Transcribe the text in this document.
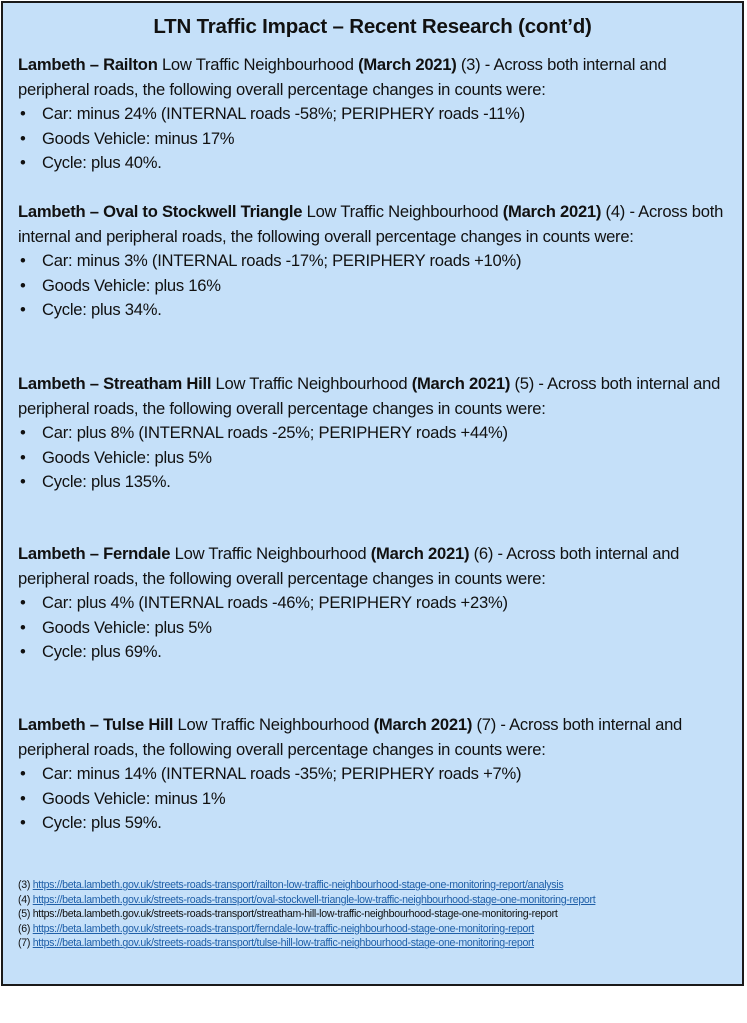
LTN Traffic Impact – Recent Research (cont’d)
Lambeth – Railton Low Traffic Neighbourhood (March 2021) (3) - Across both internal and peripheral roads, the following overall percentage changes in counts were:
• Car: minus 24% (INTERNAL roads -58%; PERIPHERY roads -11%)
• Goods Vehicle: minus 17%
• Cycle: plus 40%.
Lambeth – Oval to Stockwell Triangle Low Traffic Neighbourhood (March 2021) (4) - Across both internal and peripheral roads, the following overall percentage changes in counts were:
• Car: minus 3% (INTERNAL roads -17%; PERIPHERY roads +10%)
• Goods Vehicle: plus 16%
• Cycle: plus 34%.
Lambeth – Streatham Hill Low Traffic Neighbourhood (March 2021) (5) - Across both internal and peripheral roads, the following overall percentage changes in counts were:
• Car: plus 8% (INTERNAL roads -25%; PERIPHERY roads +44%)
• Goods Vehicle: plus 5%
• Cycle: plus 135%.
Lambeth – Ferndale Low Traffic Neighbourhood (March 2021) (6) - Across both internal and peripheral roads, the following overall percentage changes in counts were:
• Car: plus 4% (INTERNAL roads -46%; PERIPHERY roads +23%)
• Goods Vehicle: plus 5%
• Cycle: plus 69%.
Lambeth – Tulse Hill Low Traffic Neighbourhood (March 2021) (7) - Across both internal and peripheral roads, the following overall percentage changes in counts were:
• Car: minus 14% (INTERNAL roads -35%; PERIPHERY roads +7%)
• Goods Vehicle: minus 1%
• Cycle: plus 59%.
(3) https://beta.lambeth.gov.uk/streets-roads-transport/railton-low-traffic-neighbourhood-stage-one-monitoring-report/analysis
(4) https://beta.lambeth.gov.uk/streets-roads-transport/oval-stockwell-triangle-low-traffic-neighbourhood-stage-one-monitoring-report
(5) https://beta.lambeth.gov.uk/streets-roads-transport/streatham-hill-low-traffic-neighbourhood-stage-one-monitoring-report
(6) https://beta.lambeth.gov.uk/streets-roads-transport/ferndale-low-traffic-neighbourhood-stage-one-monitoring-report
(7) https://beta.lambeth.gov.uk/streets-roads-transport/tulse-hill-low-traffic-neighbourhood-stage-one-monitoring-report
